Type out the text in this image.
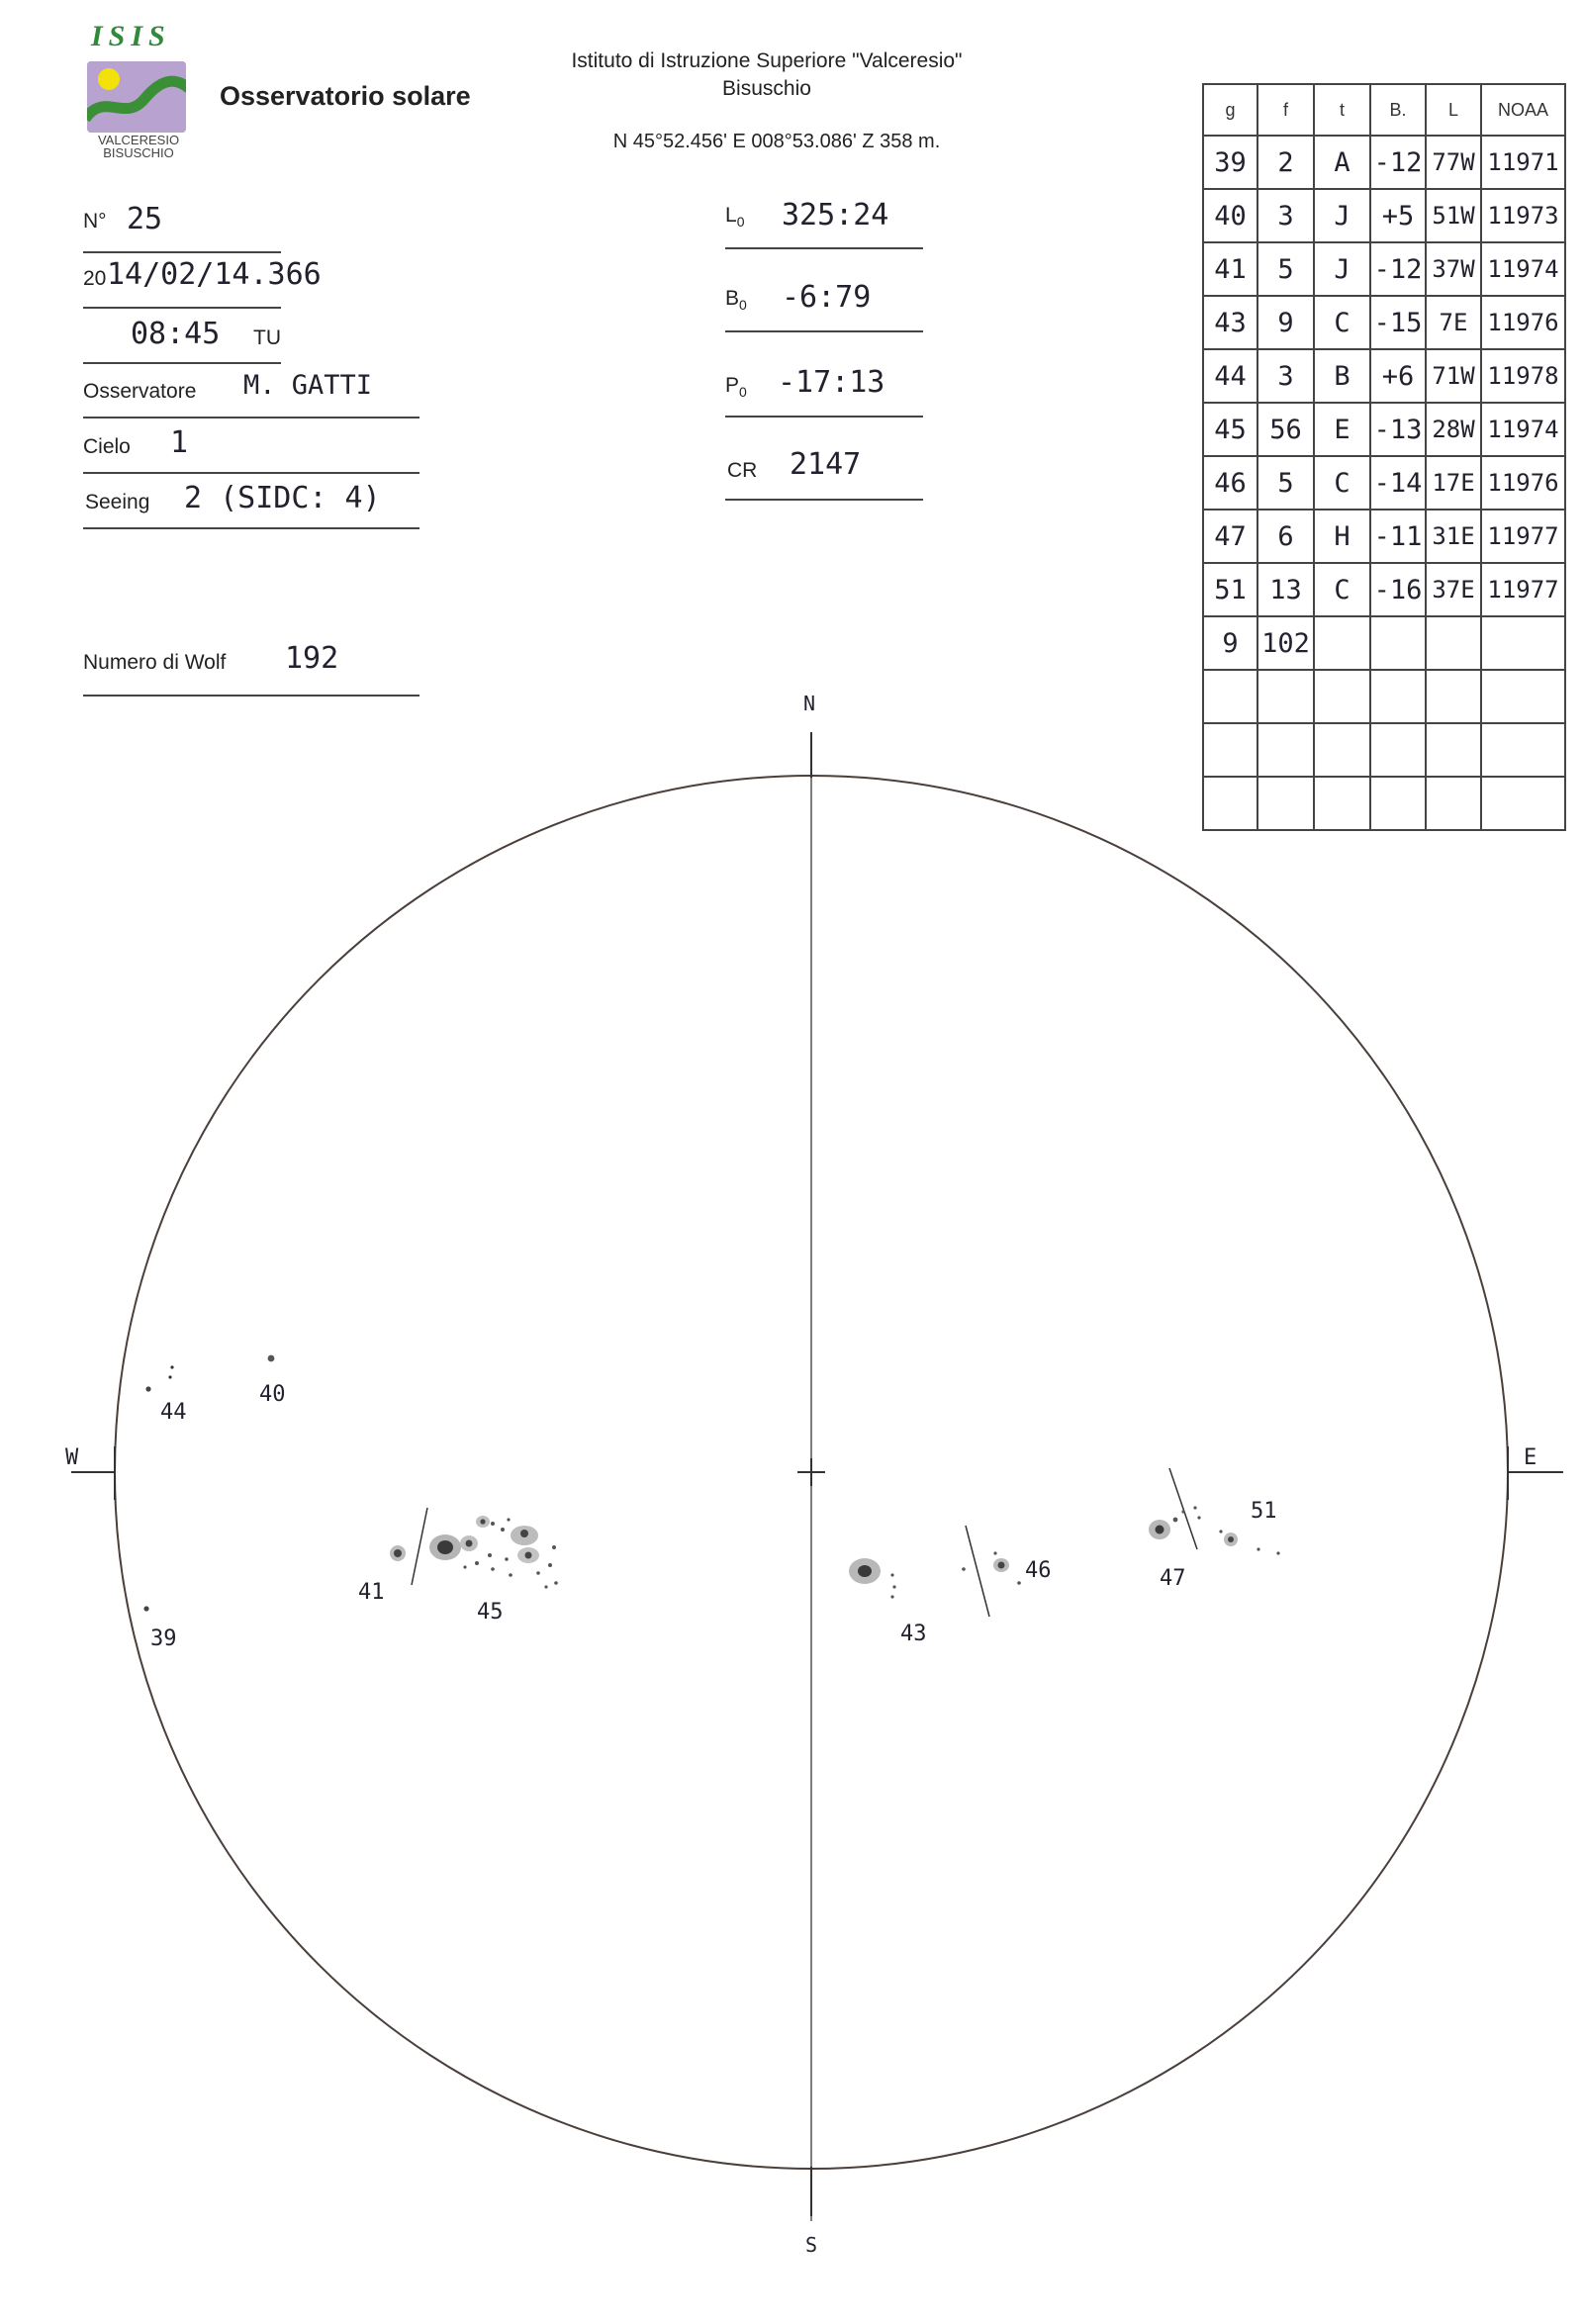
ISIS
VALCERESIO
BISUSCHIO
Osservatorio solare
Istituto di Istruzione Superiore "Valceresio"
Bisuschio
N 45°52.456' E 008°53.086' Z 358 m.
N° 25
20 14/02/14.366
08:45 TU
Osservatore M. GATTI
Cielo 1
Seeing 2 (SIDC: 4)
Numero di Wolf 192
$L_0$ 325:24
$B_0$ -6:79
$P_0$ -17:13
CR 2147
g	f	t	B.	L	NOAA
39	2	A	-12	77W	11971
40	3	J	+5	51W	11973
41	5	J	-12	37W	11974
43	9	C	-15	7E	11976
44	3	B	+6	71W	11978
45	56	E	-13	28W	11974
46	5	C	-14	17E	11976
47	6	H	-11	31E	11977
51	13	C	-16	37E	11977
9	102				

N
S
W	E
44
40
39
41
45
43
46	47
51
